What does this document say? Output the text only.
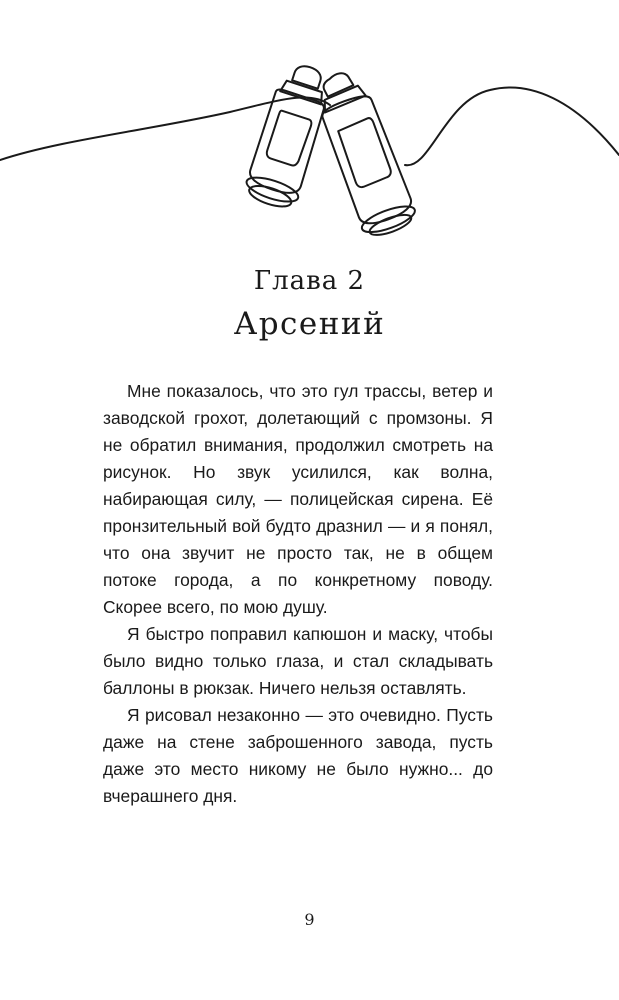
Глава 2
Арсений

Мне показалось, что это гул трассы, ветер и заводской грохот, долетающий с промзоны. Я не обратил внимания, продолжил смотреть на рисунок. Но звук усилился, как волна, набирающая силу, — полицейская сирена. Её пронзительный вой будто дразнил — и я понял, что она звучит не просто так, не в общем потоке города, а по конкретному поводу. Скорее всего, по мою душу.

Я быстро поправил капюшон и маску, чтобы было видно только глаза, и стал складывать баллоны в рюкзак. Ничего нельзя оставлять.

Я рисовал незаконно — это очевидно. Пусть даже на стене заброшенного завода, пусть даже это место никому не было нужно... до вчерашнего дня.

9
